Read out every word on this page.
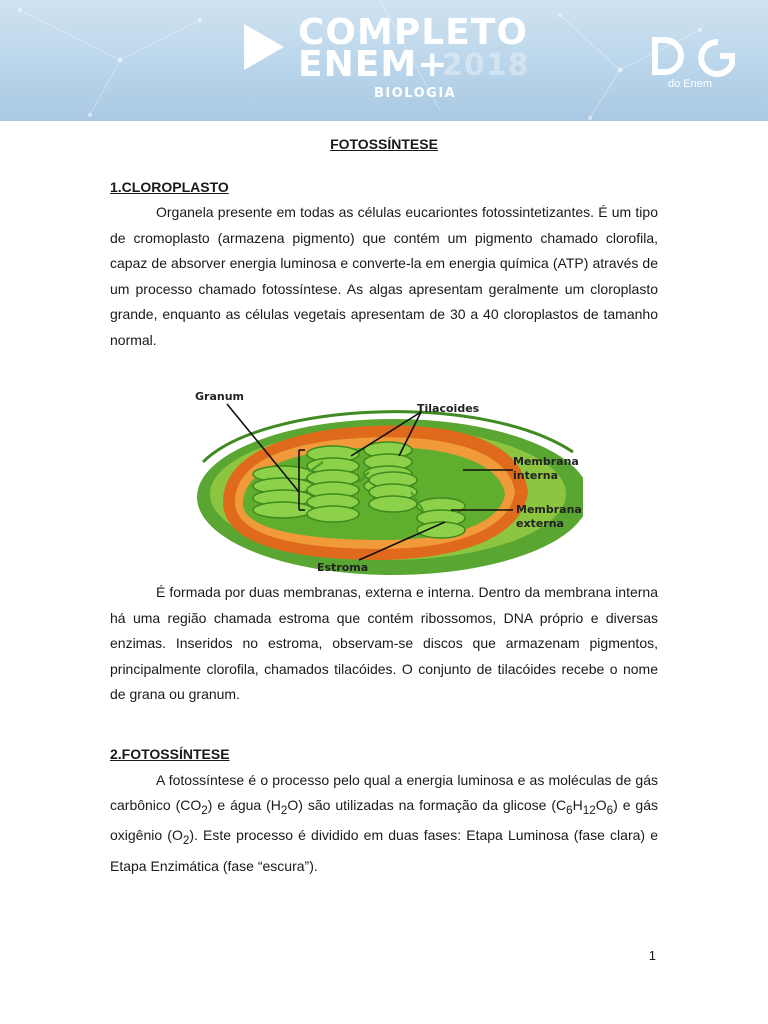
COMPLETO
ENEM+
2018
BIOLOGIA
do Enem

FOTOSSÍNTESE

1.CLOROPLASTO

Organela presente em todas as células eucariontes fotossintetizantes. É um tipo de cromoplasto (armazena pigmento) que contém um pigmento chamado clorofila, capaz de absorver energia luminosa e converte-la em energia química (ATP) através de um processo chamado fotossíntese. As algas apresentam geralmente um cloroplasto grande, enquanto as células vegetais apresentam de 30 a 40 cloroplastos de tamanho normal.

Granum
Tilacoides
Membrana
interna
Membrana
externa
Estroma

É formada por duas membranas, externa e interna. Dentro da membrana interna há uma região chamada estroma que contém ribossomos, DNA próprio e diversas enzimas. Inseridos no estroma, observam-se discos que armazenam pigmentos, principalmente clorofila, chamados tilacóides. O conjunto de tilacóides recebe o nome de grana ou granum.

2.FOTOSSÍNTESE

A fotossíntese é o processo pelo qual a energia luminosa e as moléculas de gás carbônico $(CO_2)$ e água $(H_2O)$ são utilizadas na formação da glicose $(C_6H_{12}O_6)$ e gás oxigênio $(O_2)$. Este processo é dividido em duas fases: Etapa Luminosa (fase clara) e Etapa Enzimática (fase “escura”).

1
